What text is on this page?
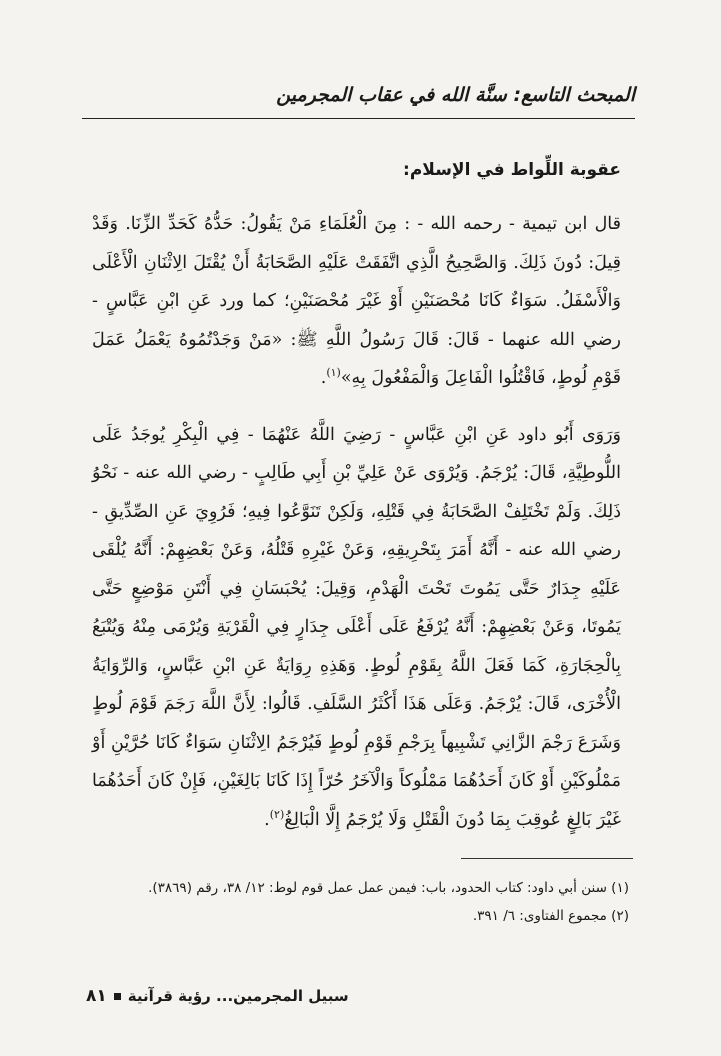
المبحث التاسع: سنَّة الله في عقاب المجرمين
عقوبة اللِّواط في الإسلام:

قال ابن تيمية - رحمه الله - : مِنَ الْعُلَمَاءِ مَنْ يَقُولُ: حَدُّهُ كَحَدِّ الزِّنَا. وَقَدْ قِيلَ: دُونَ ذَلِكَ. وَالصَّحِيحُ الَّذِي اتَّفَقَتْ عَلَيْهِ الصَّحَابَةُ أَنْ يُقْتَلَ الِاثْنَانِ الْأَعْلَى وَالْأَسْفَلُ. سَوَاءٌ كَانَا مُحْصَنَيْنِ أَوْ غَيْرَ مُحْصَنَيْنِ؛ كما ورد عَنِ ابْنِ عَبَّاسٍ - رضي الله عنهما - قَالَ: قَالَ رَسُولُ اللَّهِ ﷺ: «مَنْ وَجَدْتُمُوهُ يَعْمَلُ عَمَلَ قَوْمِ لُوطٍ، فَاقْتُلُوا الْفَاعِلَ وَالْمَفْعُولَ بِهِ»$^{(١)}$.

وَرَوَى أَبُو داود عَنِ ابْنِ عَبَّاسٍ - رَضِيَ اللَّهُ عَنْهُمَا - فِي الْبِكْرِ يُوجَدُ عَلَى اللُّوطِيَّةِ، قَالَ: يُرْجَمُ. وَيُرْوَى عَنْ عَلِيِّ بْنِ أَبِي طَالِبٍ - رضي الله عنه - نَحْوُ ذَلِكَ. وَلَمْ تَخْتَلِفْ الصَّحَابَةُ فِي قَتْلِهِ، وَلَكِنْ تَنَوَّعُوا فِيهِ؛ فَرُوِيَ عَنِ الصِّدِّيقِ - رضي الله عنه - أَنَّهُ أَمَرَ بِتَحْرِيقِهِ، وَعَنْ غَيْرِهِ قَتْلُهُ، وَعَنْ بَعْضِهِمْ: أَنَّهُ يُلْقَى عَلَيْهِ جِدَارٌ حَتَّى يَمُوتَ تَحْتَ الْهَدْمِ، وَقِيلَ: يُحْبَسَانِ فِي أَنْتَنِ مَوْضِعٍ حَتَّى يَمُوتَا، وَعَنْ بَعْضِهِمْ: أَنَّهُ يُرْفَعُ عَلَى أَعْلَى جِدَارٍ فِي الْقَرْيَةِ وَيُرْمَى مِنْهُ وَيُتْبَعُ بِالْحِجَارَةِ، كَمَا فَعَلَ اللَّهُ بِقَوْمِ لُوطٍ. وَهَذِهِ رِوَايَةٌ عَنِ ابْنِ عَبَّاسٍ، وَالرِّوَايَةُ الْأُخْرَى، قَالَ: يُرْجَمُ. وَعَلَى هَذَا أَكْثَرُ السَّلَفِ. قَالُوا: لِأَنَّ اللَّهَ رَجَمَ قَوْمَ لُوطٍ وَشَرَعَ رَجْمَ الزَّانِي تَشْبِيهاً بِرَجْمِ قَوْمِ لُوطٍ فَيُرْجَمُ الِاثْنَانِ سَوَاءٌ كَانَا حُرَّيْنِ أَوْ مَمْلُوكَيْنِ أَوْ كَانَ أَحَدُهُمَا مَمْلُوكاً وَالْآخَرُ حُرّاً إِذَا كَانَا بَالِغَيْنِ، فَإِنْ كَانَ أَحَدُهُمَا غَيْرَ بَالِغٍ عُوقِبَ بِمَا دُونَ الْقَتْلِ وَلَا يُرْجَمُ إِلَّا الْبَالِغُ$^{(٢)}$.

(١) سنن أبي داود: كتاب الحدود، باب: فيمن عمل عمل قوم لوط: ١٢/ ٣٨، رقم (٣٨٦٩).

(٢) مجموع الفتاوى: ٦/ ٣٩١.

سبيل المجرمين... رؤية قرآنية٨١
